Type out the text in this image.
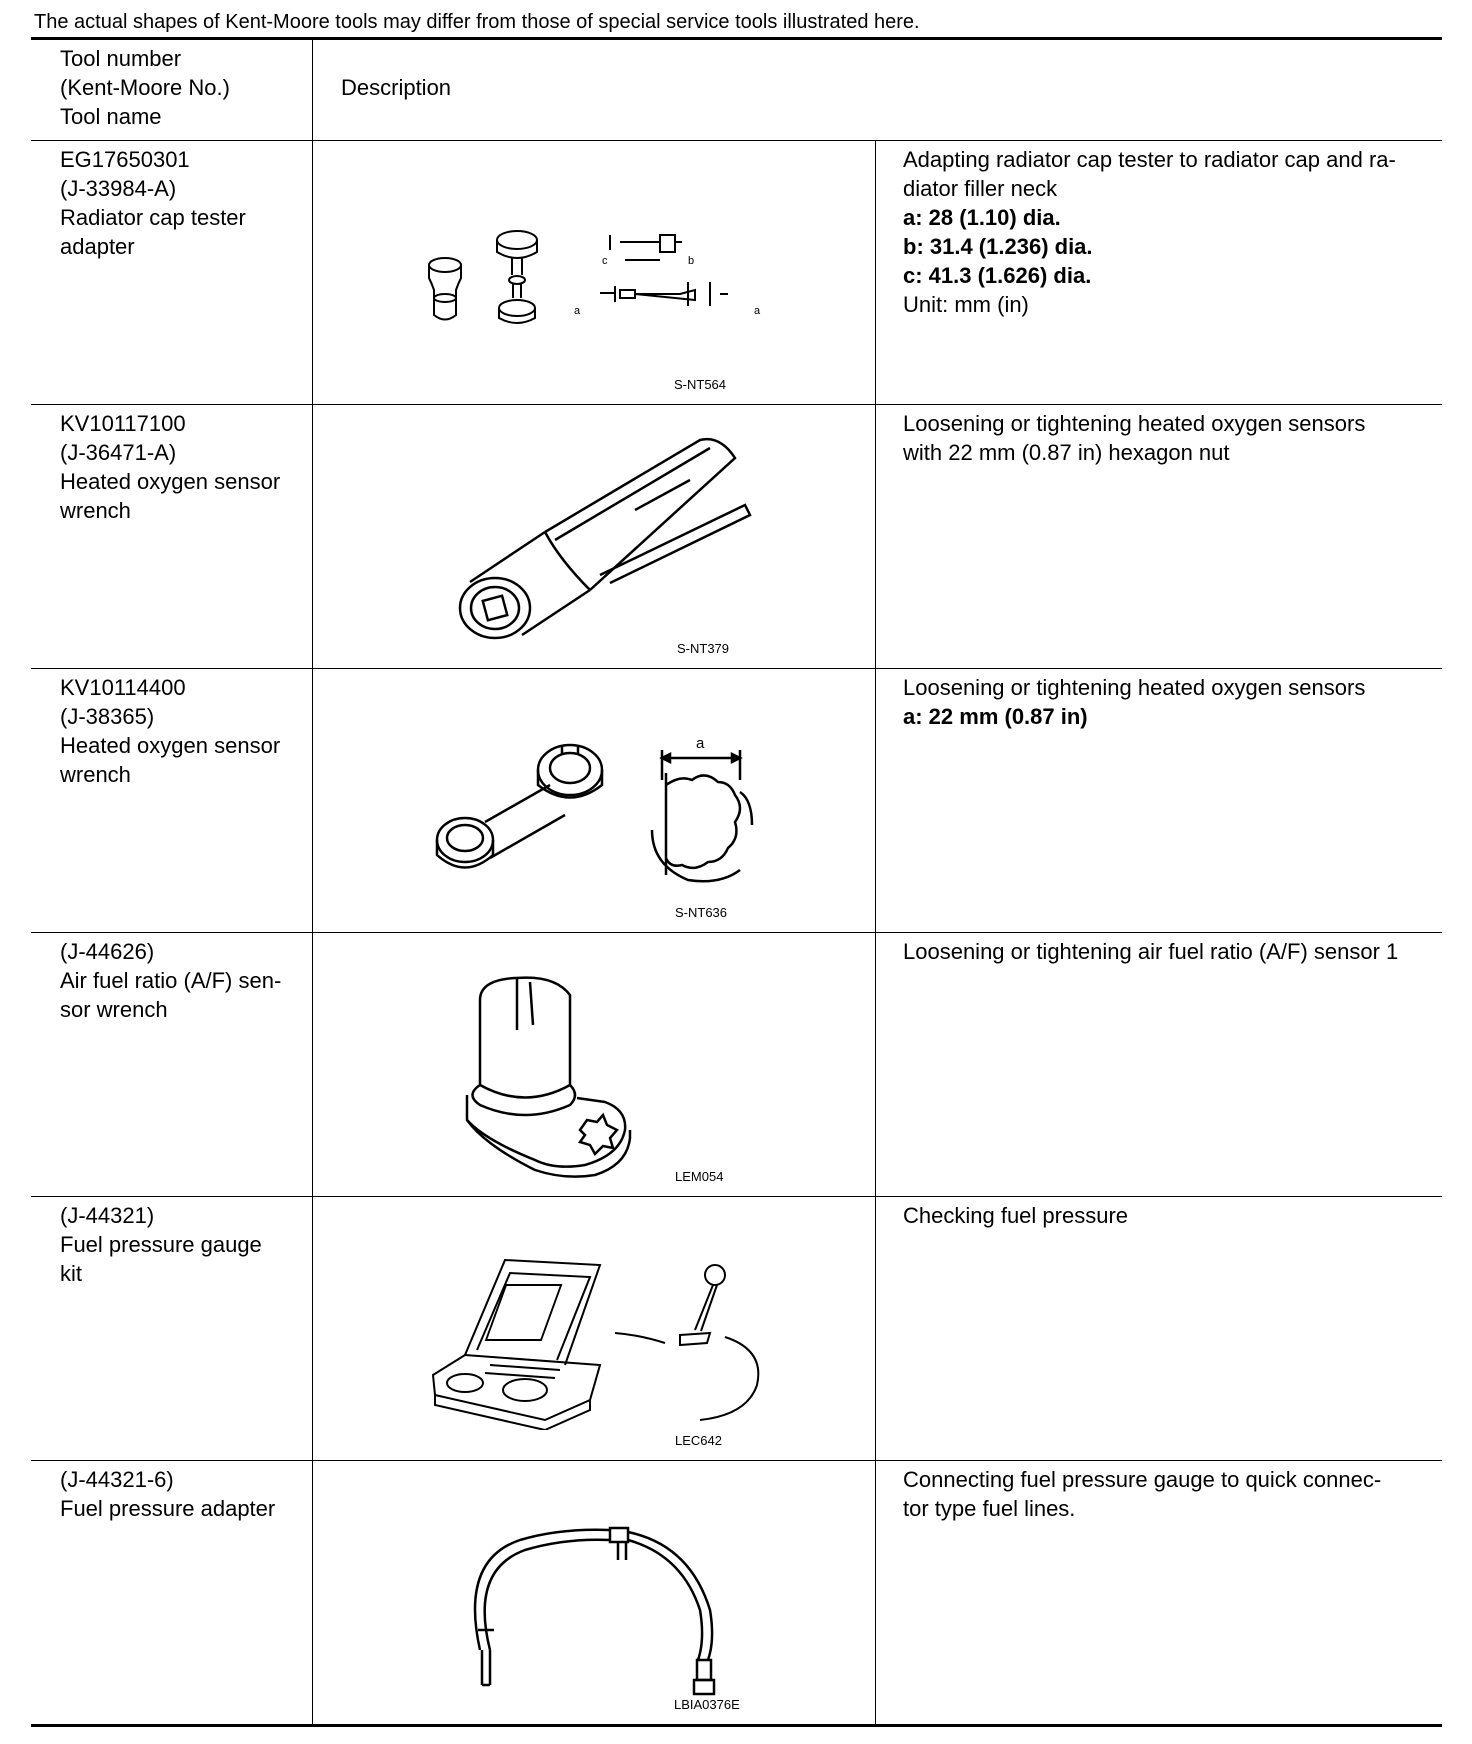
The actual shapes of Kent-Moore tools may differ from those of special service tools illustrated here.
Tool number
(Kent-Moore No.)
Tool name
Description
EG17650301
(J-33984-A)
Radiator cap tester
adapter
c	b
a	a
S-NT564
Adapting radiator cap tester to radiator cap and ra-
diator filler neck
a: 28 (1.10) dia.
b: 31.4 (1.236) dia.
c: 41.3 (1.626) dia.
Unit: mm (in)
KV10117100
(J-36471-A)
Heated oxygen sensor
wrench
S-NT379
Loosening or tightening heated oxygen sensors
with 22 mm (0.87 in) hexagon nut
KV10114400
(J-38365)
Heated oxygen sensor
wrench
a
S-NT636
Loosening or tightening heated oxygen sensors
a: 22 mm (0.87 in)
(J-44626)
Air fuel ratio (A/F) sen-
sor wrench
LEM054
Loosening or tightening air fuel ratio (A/F) sensor 1
(J-44321)
Fuel pressure gauge
kit
LEC642
Checking fuel pressure
(J-44321-6)
Fuel pressure adapter
LBIA0376E
Connecting fuel pressure gauge to quick connec-
tor type fuel lines.
